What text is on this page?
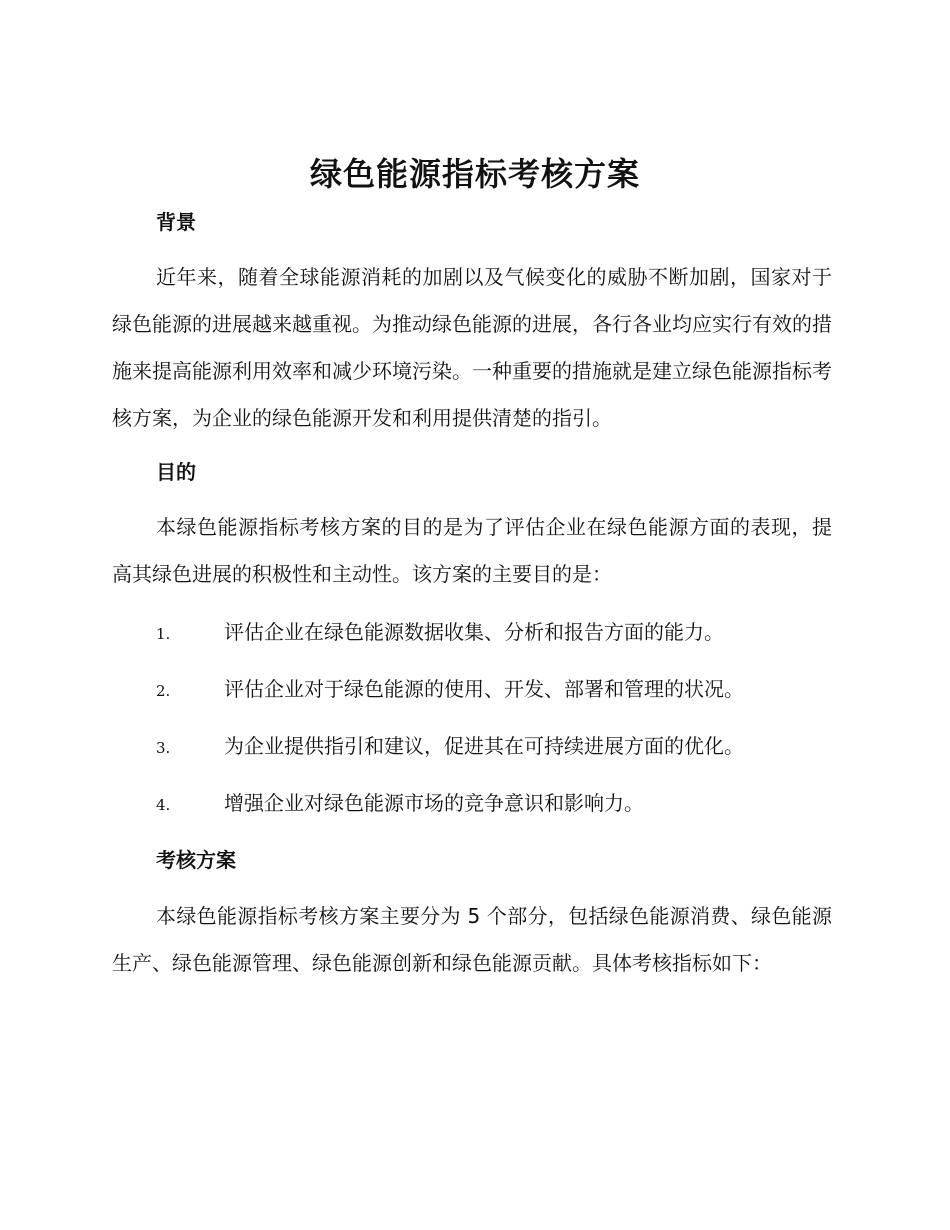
绿色能源指标考核方案
背景
近年来，随着全球能源消耗的加剧以及气候变化的威胁不断加剧，国家对于绿色能源的进展越来越重视。为推动绿色能源的进展，各行各业均应实行有效的措施来提高能源利用效率和减少环境污染。一种重要的措施就是建立绿色能源指标考核方案，为企业的绿色能源开发和利用提供清楚的指引。
目的
本绿色能源指标考核方案的目的是为了评估企业在绿色能源方面的表现，提高其绿色进展的积极性和主动性。该方案的主要目的是：
1.	评估企业在绿色能源数据收集、分析和报告方面的能力。
2.	评估企业对于绿色能源的使用、开发、部署和管理的状况。
3.	为企业提供指引和建议，促进其在可持续进展方面的优化。
4.	增强企业对绿色能源市场的竞争意识和影响力。
考核方案
本绿色能源指标考核方案主要分为 5 个部分，包括绿色能源消费、绿色能源生产、绿色能源管理、绿色能源创新和绿色能源贡献。具体考核指标如下：
